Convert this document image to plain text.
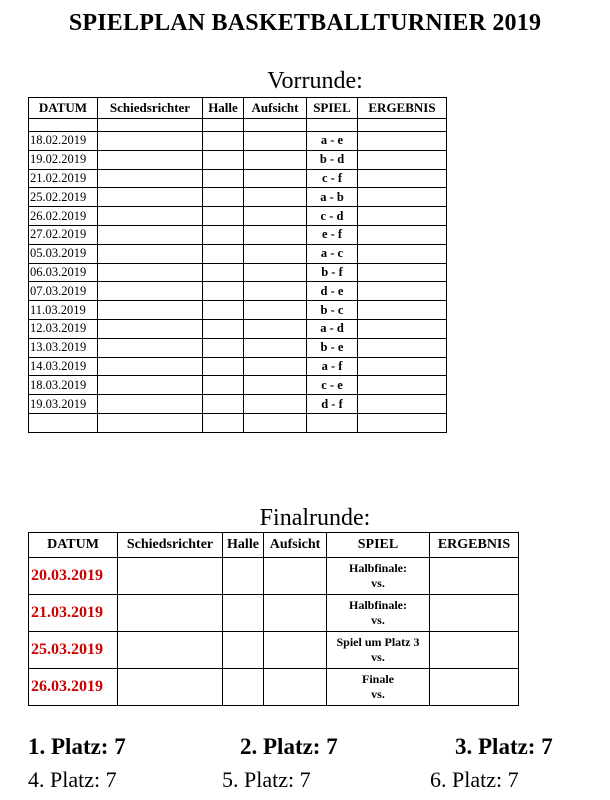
SPIELPLAN BASKETBALLTURNIER 2019
Vorrunde:
DATUM	Schiedsrichter	Halle	Aufsicht	SPIEL	ERGEBNIS

18.02.2019				a - e	
19.02.2019				b - d	
21.02.2019				c - f	
25.02.2019				a - b	
26.02.2019				c - d	
27.02.2019				e - f	
05.03.2019				a - c	
06.03.2019				b - f	
07.03.2019				d - e	
11.03.2019				b - c	
12.03.2019				a - d	
13.03.2019				b - e	
14.03.2019				a - f	
18.03.2019				c - e	
19.03.2019				d - f	

Finalrunde:
DATUM	Schiedsrichter	Halle	Aufsicht	SPIEL	ERGEBNIS
20.03.2019				Halbfinale:
vs.	

21.03.2019				Halbfinale:
vs.	

25.03.2019				Spiel um Platz 3
vs.	

26.03.2019				Finale
vs.	

1. Platz: 7	2. Platz: 7	3. Platz: 7
4. Platz: 7	5. Platz: 7	6. Platz: 7
